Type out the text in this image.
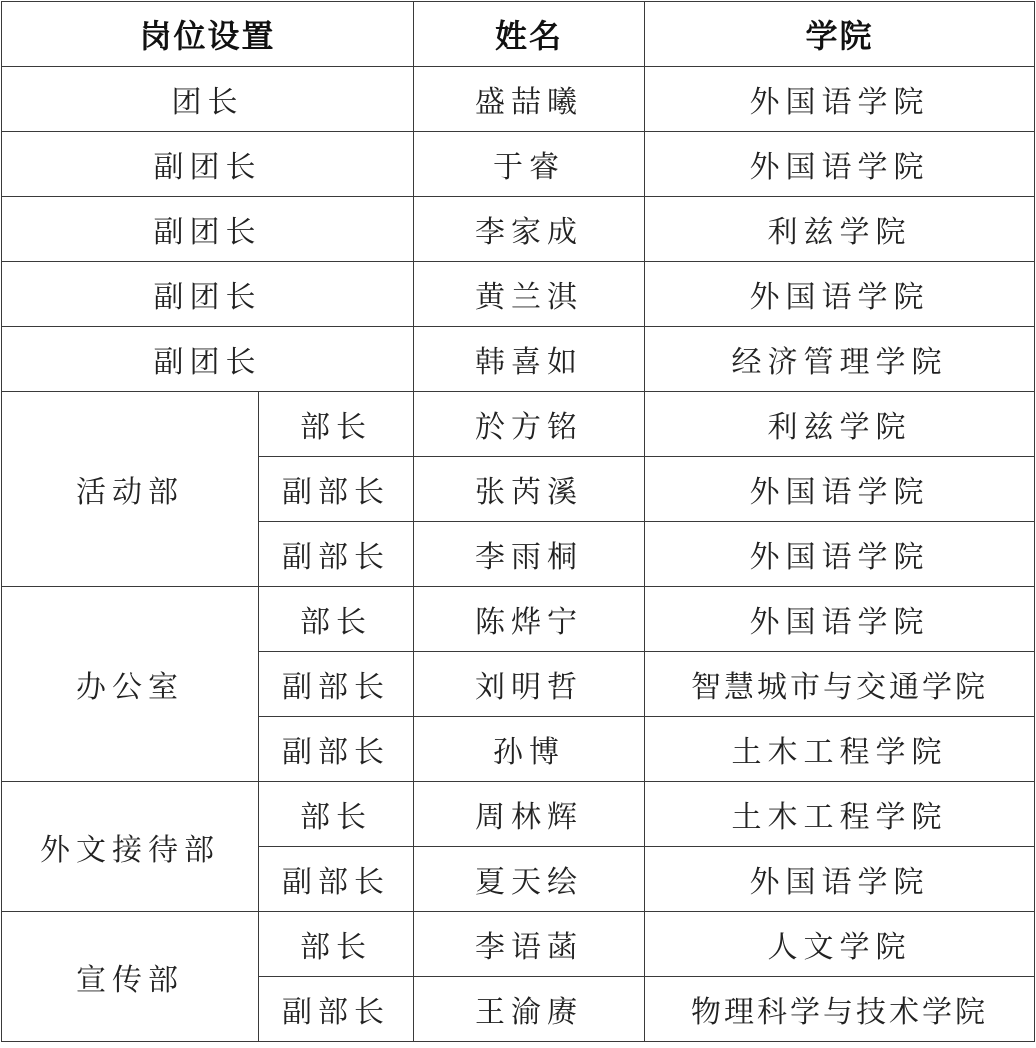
岗位设置		姓名	学院
团长		盛喆曦	外国语学院
副团长		于睿	外国语学院
副团长		李家成	利兹学院
副团长		黄兰淇	外国语学院
副团长		韩喜如	经济管理学院
活动部	部长	於方铭	利兹学院
	副部长	张芮溪	外国语学院
	副部长	李雨桐	外国语学院
办公室	部长	陈烨宁	外国语学院
	副部长	刘明哲	智慧城市与交通学院
	副部长	孙博	土木工程学院
外文接待部	部长	周林辉	土木工程学院
	副部长	夏天绘	外国语学院
宣传部	部长	李语菡	人文学院
	副部长	王渝赓	物理科学与技术学院
